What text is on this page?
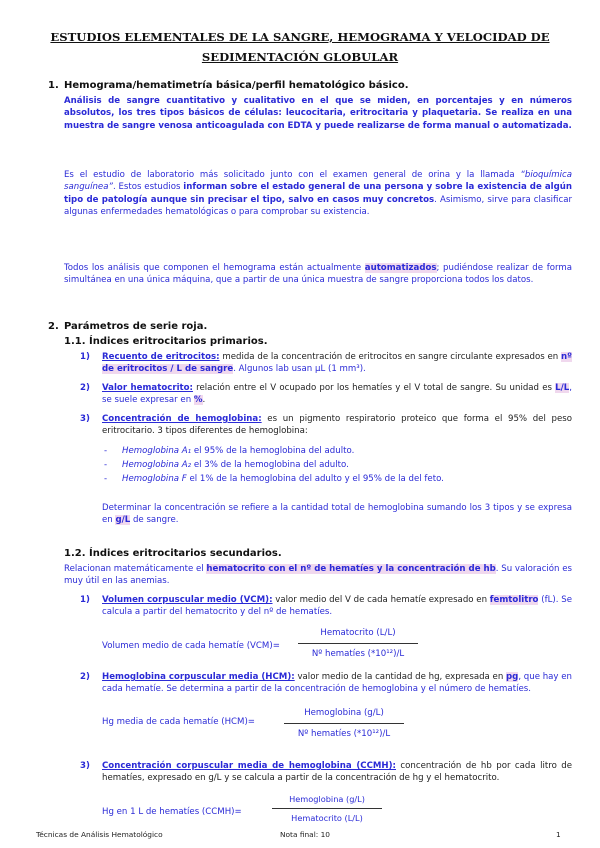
ESTUDIOS ELEMENTALES DE LA SANGRE, HEMOGRAMA Y VELOCIDAD DE SEDIMENTACIÓN GLOBULAR
1. Hemograma/hematimetría básica/perfil hematológico básico.
Análisis de sangre cuantitativo y cualitativo en el que se miden, en porcentajes y en números absolutos, los tres tipos básicos de células: leucocitaria, eritrocitaria y plaquetaria. Se realiza en una muestra de sangre venosa anticoagulada con EDTA y puede realizarse de forma manual o automatizada.
Es el estudio de laboratorio más solicitado junto con el examen general de orina y la llamada “bioquímica sanguínea”. Estos estudios informan sobre el estado general de una persona y sobre la existencia de algún tipo de patología aunque sin precisar el tipo, salvo en casos muy concretos. Asimismo, sirve para clasificar algunas enfermedades hematológicas o para comprobar su existencia.
Todos los análisis que componen el hemograma están actualmente automatizados; pudiéndose realizar de forma simultánea en una única máquina, que a partir de una única muestra de sangre proporciona todos los datos.
2. Parámetros de serie roja.
1.1. Índices eritrocitarios primarios.
1) Recuento de eritrocitos: medida de la concentración de eritrocitos en sangre circulante expresados en nº de eritrocitos / L de sangre. Algunos lab usan µL (1 mm³).
2) Valor hematocrito: relación entre el V ocupado por los hematíes y el V total de sangre. Su unidad es L/L, se suele expresar en %.
3) Concentración de hemoglobina: es un pigmento respiratorio proteico que forma el 95% del peso eritrocitario. 3 tipos diferentes de hemoglobina:
- Hemoglobina A₁ el 95% de la hemoglobina del adulto.
- Hemoglobina A₂ el 3% de la hemoglobina del adulto.
- Hemoglobina F el 1% de la hemoglobina del adulto y el 95% de la del feto.
Determinar la concentración se refiere a la cantidad total de hemoglobina sumando los 3 tipos y se expresa en g/L de sangre.
1.2. Índices eritrocitarios secundarios.
Relacionan matemáticamente el hematocrito con el nº de hematíes y la concentración de hb. Su valoración es muy útil en las anemias.
1) Volumen corpuscular medio (VCM): valor medio del V de cada hematíe expresado en femtolitro (fL). Se calcula a partir del hematocrito y del nº de hematíes.
Volumen medio de cada hematíe (VCM)=
Hematocrito (L/L)
Nº hematíes (*10¹²)/L
2) Hemoglobina corpuscular media (HCM): valor medio de la cantidad de hg, expresada en pg, que hay en cada hematíe. Se determina a partir de la concentración de hemoglobina y el número de hematíes.
Hg media de cada hematíe (HCM)=
Hemoglobina (g/L)
Nº hematíes (*10¹²)/L
3) Concentración corpuscular media de hemoglobina (CCMH): concentración de hb por cada litro de hematíes, expresado en g/L y se calcula a partir de la concentración de hg y el hematocrito.
Hg en 1 L de hematíes (CCMH)=
Hemoglobina (g/L)
Hematocrito (L/L)
Técnicas de Análisis Hematológico	Nota final: 10	1
